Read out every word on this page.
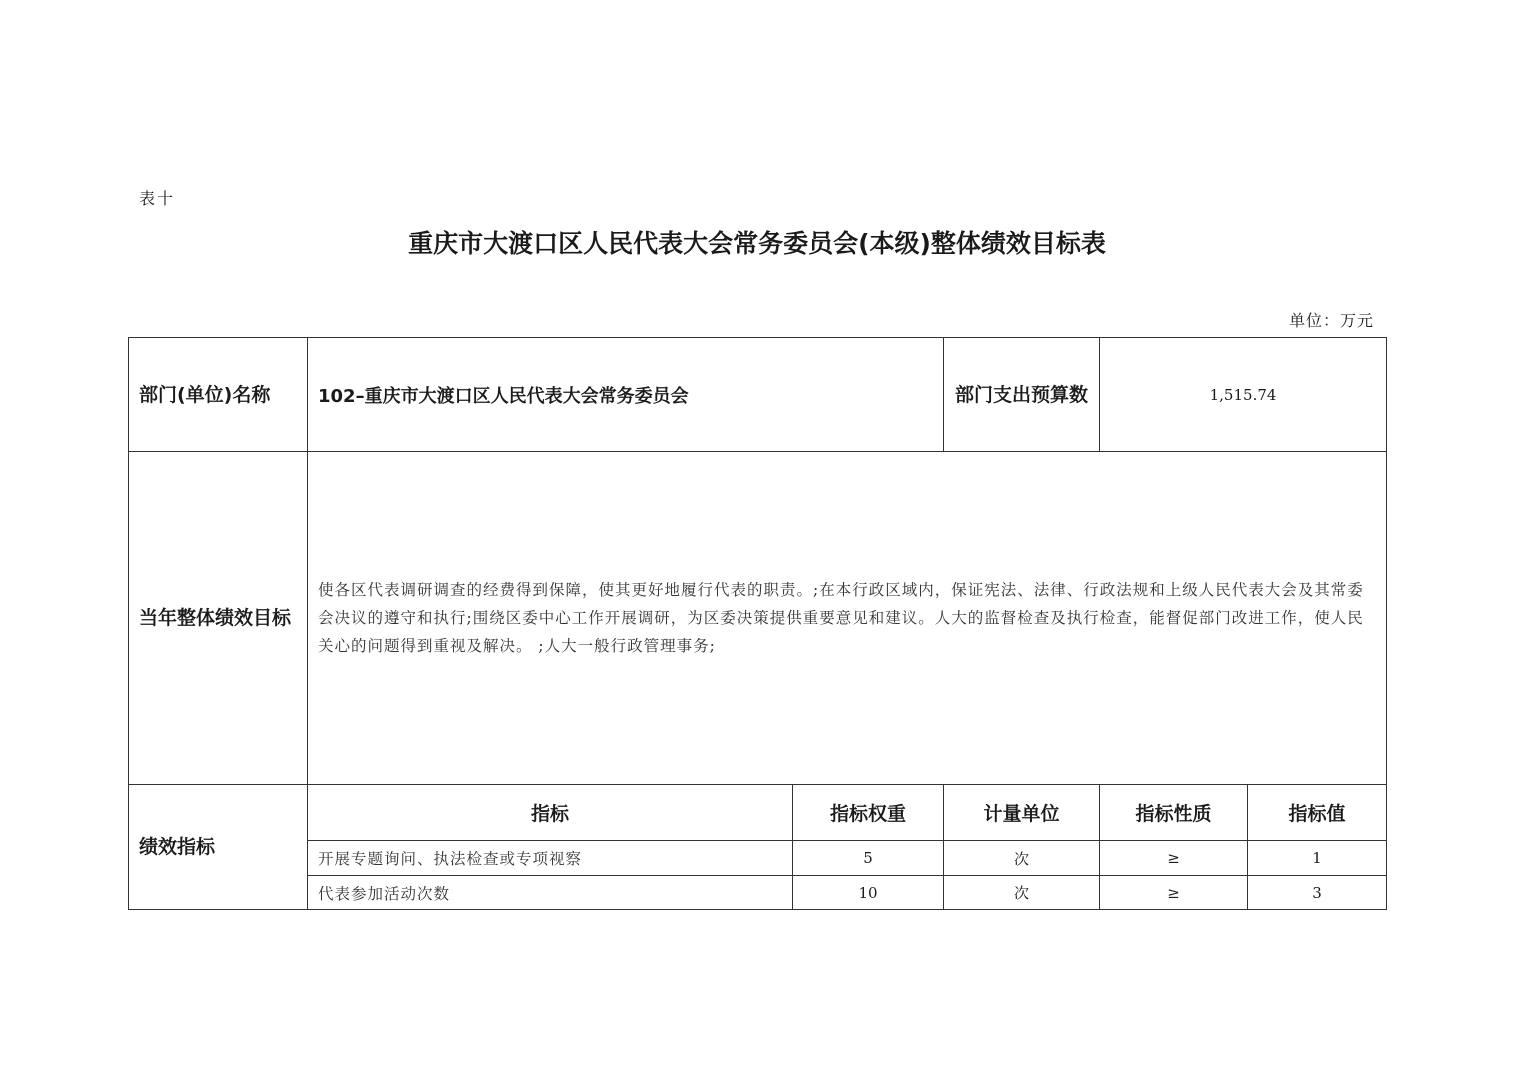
表十
重庆市大渡口区人民代表大会常务委员会(本级)整体绩效目标表
单位：万元
部门(单位)名称	102–重庆市大渡口区人民代表大会常务委员会		部门支出预算数	1,515.74	
当年整体绩效目标	使各区代表调研调查的经费得到保障，使其更好地履行代表的职责。;在本行政区域内，保证宪法、法律、行政法规和上级人民代表大会及其常委会决议的遵守和执行;围绕区委中心工作开展调研，为区委决策提供重要意见和建议。人大的监督检查及执行检查，能督促部门改进工作，使人民关心的问题得到重视及解决。 ;人大一般行政管理事务;				
绩效指标	指标	指标权重	计量单位	指标性质	指标值
	开展专题询问、执法检查或专项视察	5	次	≥	1
	代表参加活动次数	10	次	≥	3
